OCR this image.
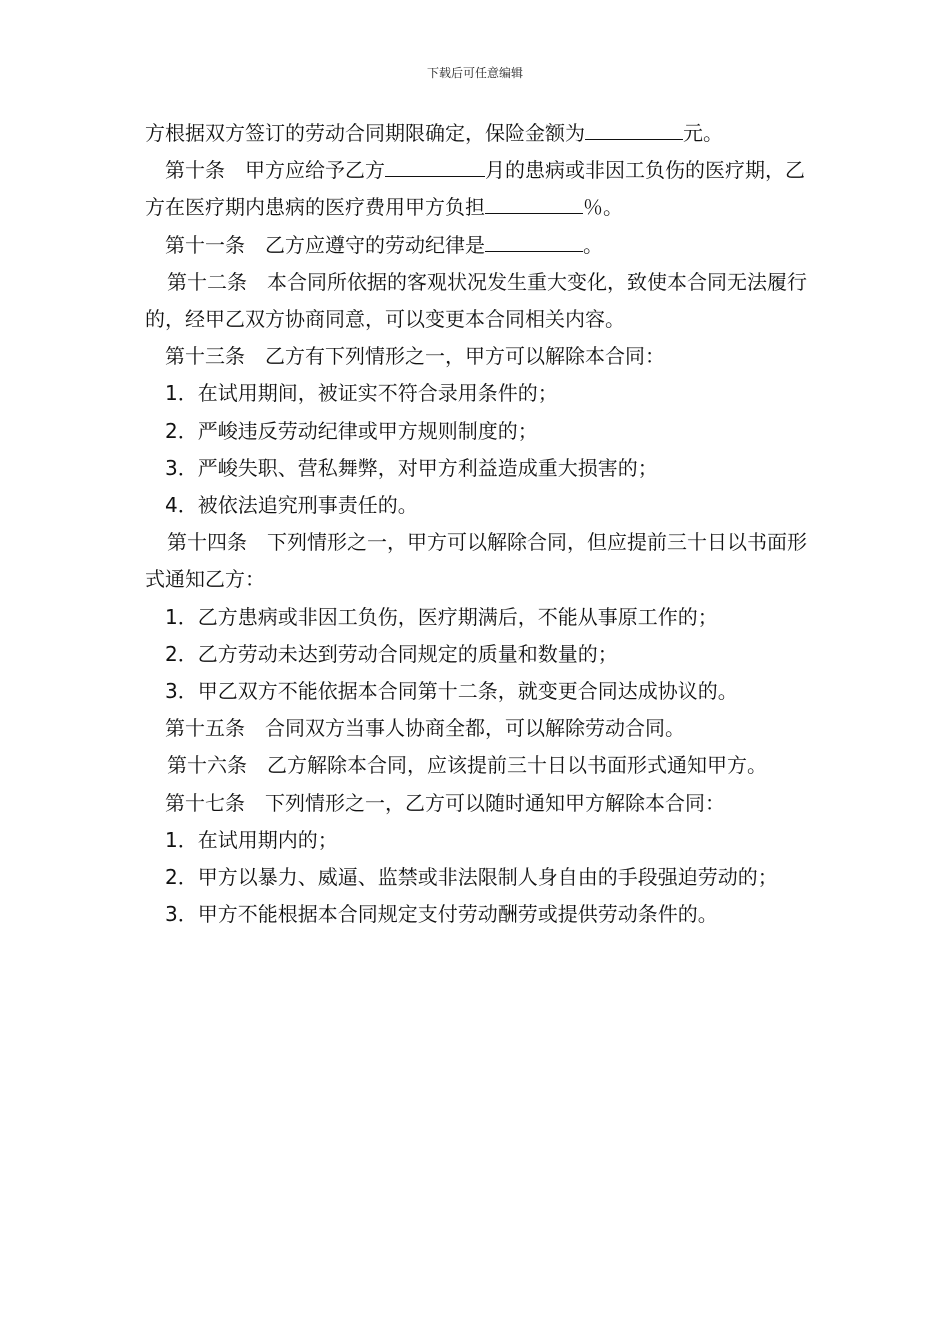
下载后可任意编辑

方根据双方签订的劳动合同期限确定，保险金额为	元。

第十条　甲方应给予乙方	月的患病或非因工负伤的医疗期，乙方在医疗期内患病的医疗费用甲方负担	％。

第十一条　乙方应遵守的劳动纪律是	。

第十二条　本合同所依据的客观状况发生重大变化，致使本合同无法履行的，经甲乙双方协商同意，可以变更本合同相关内容。

第十三条　乙方有下列情形之一，甲方可以解除本合同：

1．在试用期间，被证实不符合录用条件的；

2．严峻违反劳动纪律或甲方规则制度的；

3．严峻失职、营私舞弊，对甲方利益造成重大损害的；

4．被依法追究刑事责任的。

第十四条　下列情形之一，甲方可以解除合同，但应提前三十日以书面形式通知乙方：

1．乙方患病或非因工负伤，医疗期满后，不能从事原工作的；

2．乙方劳动未达到劳动合同规定的质量和数量的；

3．甲乙双方不能依据本合同第十二条，就变更合同达成协议的。

第十五条　合同双方当事人协商全都，可以解除劳动合同。

第十六条　乙方解除本合同，应该提前三十日以书面形式通知甲方。

第十七条　下列情形之一，乙方可以随时通知甲方解除本合同：

1．在试用期内的；

2．甲方以暴力、威逼、监禁或非法限制人身自由的手段强迫劳动的；

3．甲方不能根据本合同规定支付劳动酬劳或提供劳动条件的。
